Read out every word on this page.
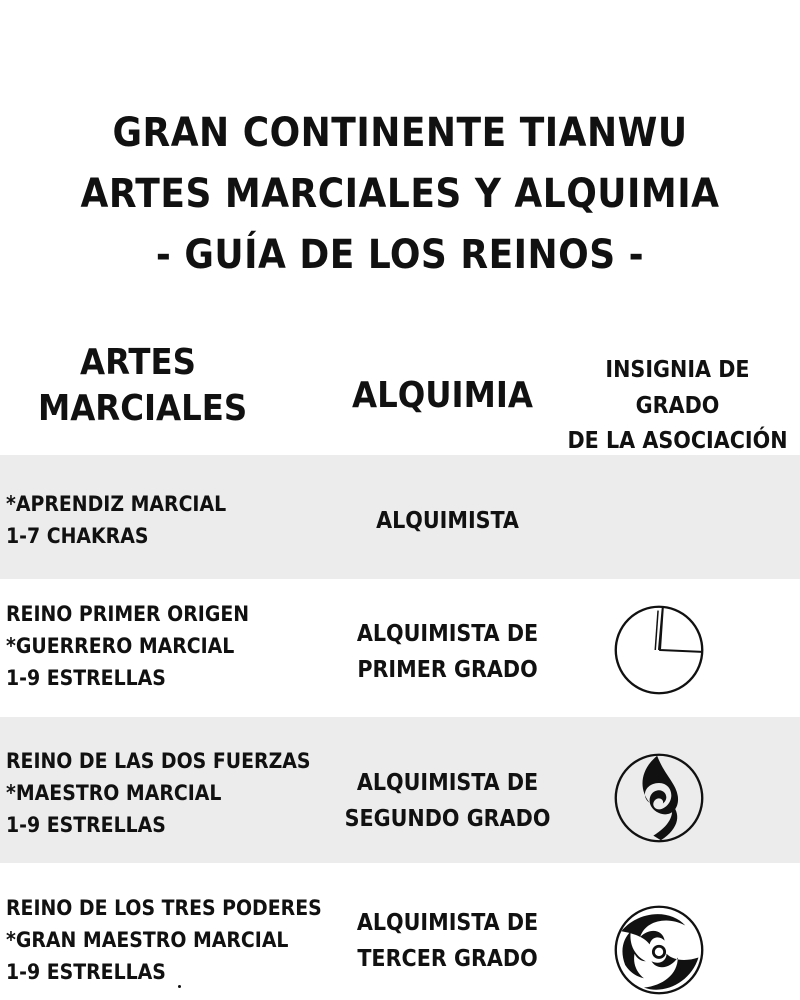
GRAN CONTINENTE TIANWU
ARTES MARCIALES Y ALQUIMIA
- GUÍA DE LOS REINOS -
ARTES
MARCIALES	ALQUIMIA
INSIGNIA DE GRADO
DE LA ASOCIACIÓN
*APRENDIZ MARCIAL
1-7 CHAKRAS
ALQUIMISTA
REINO PRIMER ORIGEN
*GUERRERO MARCIAL
1-9 ESTRELLAS
ALQUIMISTA DE
PRIMER GRADO
REINO DE LAS DOS FUERZAS
*MAESTRO MARCIAL
1-9 ESTRELLAS
ALQUIMISTA DE
SEGUNDO GRADO
REINO DE LOS TRES PODERES
*GRAN MAESTRO MARCIAL
1-9 ESTRELLAS
ALQUIMISTA DE
TERCER GRADO
